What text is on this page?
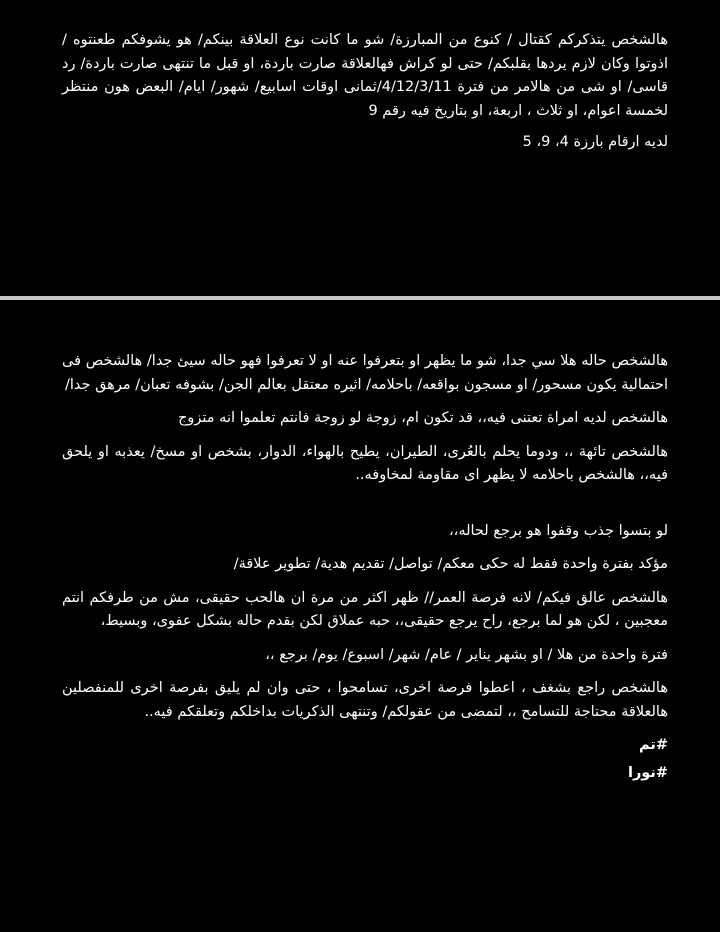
هالشخص يتذكركم كقتال / كنوع من المبارزة/ شو ما كانت نوع العلاقة بينكم/ هو يشوفكم طعنتوه / اذوتوا وكان لازم يردها بقلبكم/ حتى لو كراش فهالعلاقة صارت باردة، او قبل ما تنتهى صارت باردة/ رد قاسى/ او شى من هالامر من فترة 4/12/3/11/ثمانى اوقات اسابيع/ شهور/ ايام/ البعض هون منتظر لخمسة اعوام، او ثلاث ، اربعة، او بتاريخ فيه رقم 9

لديه ارقام بارزة 4، 9، 5

هالشخص حاله هلا سي جدا، شو ما يظهر او بتعرفوا عنه او لا تعرفوا فهو حاله سيئ جدا/ هالشخص فى احتمالية يكون مسحور/ او مسجون بواقعه/ باحلامه/ اثيره معتقل بعالم الجن/ بشوفه تعبان/ مرهق جدا/

هالشخص لديه امراة تعتنى فيه،، قد تكون ام، زوجة لو زوجة فانتم تعلموا انه متزوج

هالشخص تائهة ،، ودوما يحلم بالعُرى، الطيران، يطيح بالهواء، الدوار، بشخص او مسخ/ يعذبه او يلحق فيه،، هالشخص باحلامه لا يظهر اى مقاومة لمخاوفه..

لو بتسوا جذب وقفوا هو برجع لحاله،،

مؤكد بفترة واحدة فقط له حكى معكم/ تواصل/ تقديم هدية/ تطوير علاقة/

هالشخص عالق فيكم/ لانه فرصة العمر// ظهر اكثر من مرة ان هالحب حقيقى، مش من طرفكم انتم معجبين ، لكن هو لما برجع، راح يرجع حقيقى،، حبه عملاق لكن بقدم حاله بشكل عفوى، وبسيط،

فترة واحدة من هلا / او بشهر يناير / عام/ شهر/ اسبوع/ يوم/ برجع ،،

هالشخص راجع بشغف ، اعطوا فرصة اخرى، تسامحوا ، حتى وان لم يليق بفرصة اخرى للمنفصلين هالعلاقة محتاجة للتسامح ،، لتمضى من عقولكم/ وتنتهى الذكريات بداخلكم وتعلقكم فيه..

#تم

#نورا
